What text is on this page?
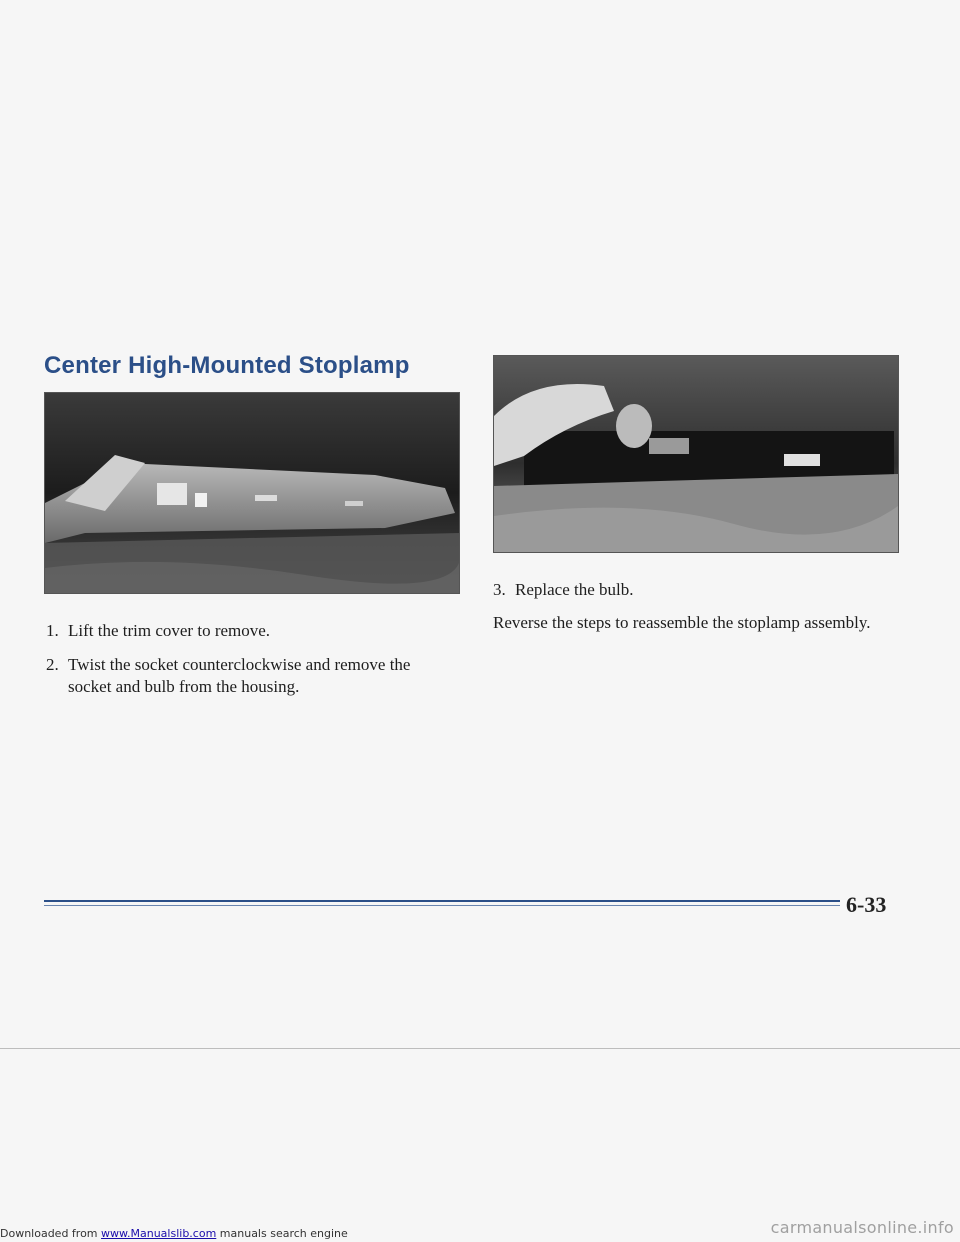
Center High-Mounted Stoplamp
1. Lift the trim cover to remove.
2. Twist the socket counterclockwise and remove the socket and bulb from the housing.
3. Replace the bulb.

Reverse the steps to reassemble the stoplamp assembly.

6-33
Downloaded from www.Manualslib.com manuals search engine	carmanualsonline.info
